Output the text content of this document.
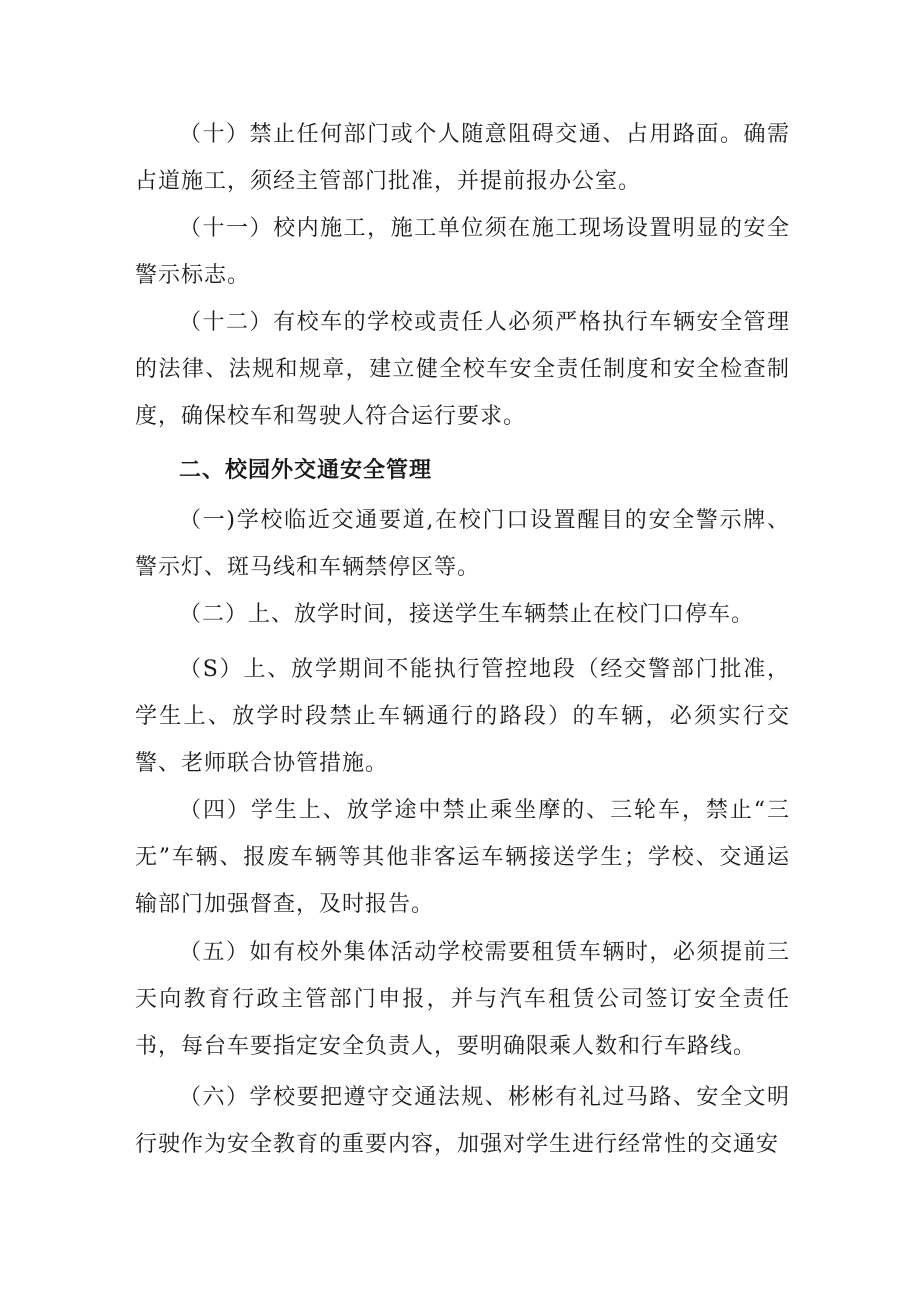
（十）禁止任何部门或个人随意阻碍交通、占用路面。确需占道施工，须经主管部门批准，并提前报办公室。

（十一）校内施工，施工单位须在施工现场设置明显的安全警示标志。

（十二）有校车的学校或责任人必须严格执行车辆安全管理的法律、法规和规章，建立健全校车安全责任制度和安全检查制度，确保校车和驾驶人符合运行要求。

二、校园外交通安全管理

（一)学校临近交通要道,在校门口设置醒目的安全警示牌、警示灯、斑马线和车辆禁停区等。

（二）上、放学时间，接送学生车辆禁止在校门口停车。

（S）上、放学期间不能执行管控地段（经交警部门批准，学生上、放学时段禁止车辆通行的路段）的车辆，必须实行交警、老师联合协管措施。

（四）学生上、放学途中禁止乘坐摩的、三轮车，禁止“三无”车辆、报废车辆等其他非客运车辆接送学生；学校、交通运输部门加强督查，及时报告。

（五）如有校外集体活动学校需要租赁车辆时，必须提前三天向教育行政主管部门申报，并与汽车租赁公司签订安全责任书，每台车要指定安全负责人，要明确限乘人数和行车路线。

（六）学校要把遵守交通法规、彬彬有礼过马路、安全文明行驶作为安全教育的重要内容，加强对学生进行经常性的交通安
